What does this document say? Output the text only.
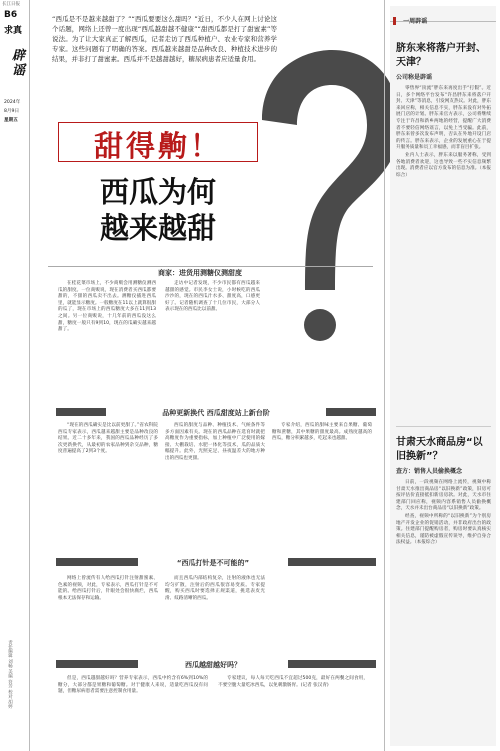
长江日报
B6
求真
辟谣
2024年
8月9日
星期五
责任编辑 刘畅 美编 符芳 校对 胡婷
“西瓜是不是越来越甜了？”“西瓜要要这么甜吗？”近日，不少人在网上讨论这个话题，网络上还曾一度出现“西瓜越甜越不健康”“甜西瓜都是打了甜蜜素”等说法。为了让大家真正了解西瓜，记者走访了西瓜种植户、农业专家和营养学专家。这些问题有了明确的答案。西瓜越来越甜是品种改良、种植技术进步的结果，并非打了甜蜜素。西瓜并不是越甜越好，糖尿病患者应适量食用。
甜得齁！
西瓜为何
越来越甜
商家：进货用测糖仪测甜度

在桂花菜市场上，不少商贩会用测糖仪测西瓜的甜度。一位商贩说，现在消费者买西瓜都要甜的，不甜的西瓜卖不出去。测糖仪插进西瓜里，就能显示糖度。一般糖度在11以上就算很甜的瓜了，现在市场上的西瓜糖度大多在11到13之间。另一位商贩说，十几年前的西瓜没这么甜，糖度一般只有9到10，现在的瓜确实越来越甜了。

走访中记者发现，不少市民都有西瓜越来越甜的感觉。市民李女士说，小时候吃的西瓜沙沙的，现在的西瓜汁水多、甜度高，口感更好了。记者随机调查了十几位市民，大部分人表示现在的西瓜比以前甜。

品种更新换代 西瓜甜度站上新台阶

“现在的西瓜确实是比以前更甜了。”省农科院西瓜专家表示，西瓜越来越甜主要是品种改良的结果。近二十多年来，我国的西瓜品种经历了多次更新换代，从最初的农家品种到杂交品种，糖度普遍提高了2到3个度。

西瓜的甜度与品种、种植技术、气候条件等多方面因素有关。现在的西瓜品种在选育时就把高糖度作为重要指标，加上种植中广泛使用的嫁接、大棚栽培、水肥一体化等技术，瓜的品质大幅提升。此外，光照充足、昼夜温差大的地方种出的西瓜也更甜。

专家介绍，西瓜的甜味主要来自果糖、葡萄糖和蔗糖，其中果糖的甜度最高。成熟度越高的西瓜，糖分积累越多，吃起来也越甜。

“西瓜打针是不可能的”

网络上曾流传有人给西瓜打针注射甜蜜素、色素的视频，对此，专家表示，西瓜打针是不可能的。给西瓜打针后，针眼处会很快腐烂，西瓜根本无法保存和运输。

而且西瓜内部结构复杂，注射的液体也无法均匀扩散，注射后的西瓜很容易变质。专家提醒，购买西瓜时要选择正规渠道，挑选表皮光滑、纹路清晰的西瓜。

西瓜越甜越好吗？

但是，西瓜越甜越好吗？营养专家表示，西瓜中约含有6%到10%的糖分，大部分都是果糖和葡萄糖。对于健康人来说，适量吃西瓜没有问题，但糖尿病患者需要注意控制食用量。

专家建议，每人每天吃西瓜不宜超过500克，最好在两餐之间食用，不要空腹大量吃冰西瓜，以免刺激肠胃。(记者 张汉青)

一周辟谣
脐东来将落户开封、天津？
公司称是辟谣

零售界“顶流”胖东来再度出手“打假”。近日，多个网络平台发布“许昌胖东来将落户开封、天津”等消息，引发网友热议。对此，胖东来回应称，相关信息不实，胖东来没有对外拓展门店的计划。胖东来官方表示，公司将继续专注于许昌和新乡两地的经营，提醒广大消费者不要轻信网络谣言，以免上当受骗。此前，胖东来曾多次发布声明，否认在外地开设门店的传言。胖东来表示，企业的发展重心在于提升服务质量和员工幸福感，而非盲目扩张。

业内人士表示，胖东来以服务著称，受到各地消费者欢迎，这也导致一些不实信息频繁出现。消费者应以官方发布的信息为准。（本报综合）

甘肃天水商品房“以旧换新”？
查方：销售人员偷换概念

日前，一段视频在网络上流传，视频中称甘肃天水推出商品房“以旧换新”政策，旧房可按评估价直接抵扣新房房款。对此，天水市住建部门回应称，视频内容系销售人员偷换概念，天水并未出台商品房“以旧换新”政策。

经查，视频中所称的“以旧换新”为个别房地产开发企业的促销活动，并非政府出台的政策。住建部门提醒购房者，购房时要认真核实相关信息，谨防被虚假宣传误导，维护自身合法权益。（本报综合）
